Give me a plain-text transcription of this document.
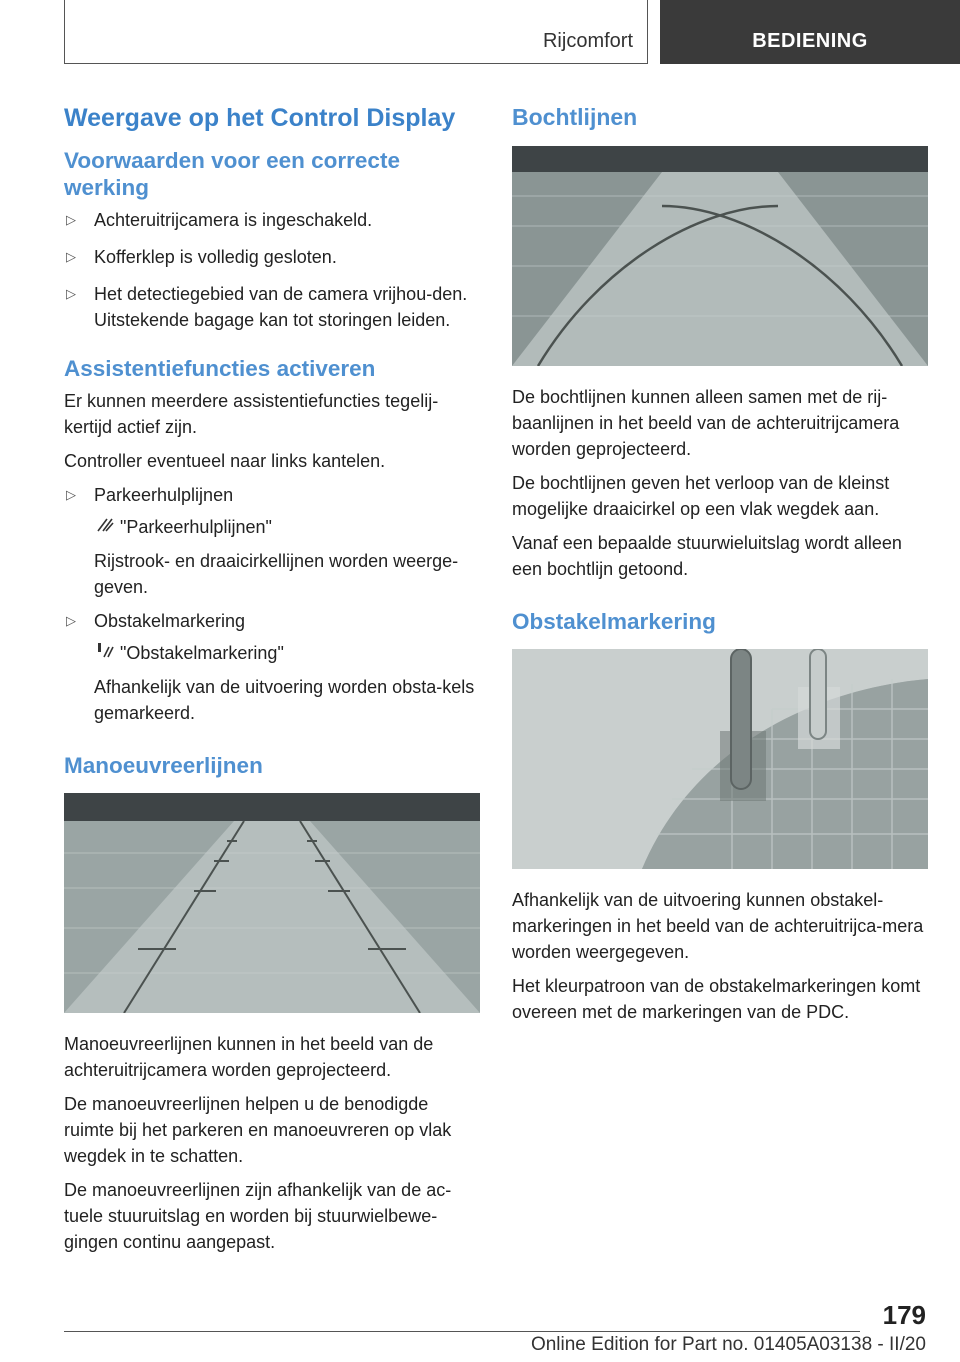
Rijcomfort	BEDIENING
Weergave op het Control Display
Voorwaarden voor een correcte werking
▷ Achteruitrijcamera is ingeschakeld.
▷ Kofferklep is volledig gesloten.
▷ Het detectiegebied van de camera vrijhou-den. Uitstekende bagage kan tot storingen leiden.
Assistentiefuncties activeren

Er kunnen meerdere assistentiefuncties tegelij-kertijd actief zijn.

Controller eventueel naar links kantelen.

▷ Parkeerhulplijnen
"Parkeerhulplijnen"

Rijstrook- en draaicirkellijnen worden weerge-geven.

▷ Obstakelmarkering
"Obstakelmarkering"

Afhankelijk van de uitvoering worden obsta-kels gemarkeerd.

Manoeuvreerlijnen

Manoeuvreerlijnen kunnen in het beeld van de achteruitrijcamera worden geprojecteerd.

De manoeuvreerlijnen helpen u de benodigde ruimte bij het parkeren en manoeuvreren op vlak wegdek in te schatten.

De manoeuvreerlijnen zijn afhankelijk van de ac-tuele stuuruitslag en worden bij stuurwielbewe-gingen continu aangepast.

Bochtlijnen

De bochtlijnen kunnen alleen samen met de rij-baanlijnen in het beeld van de achteruitrijcamera worden geprojecteerd.

De bochtlijnen geven het verloop van de kleinst mogelijke draaicirkel op een vlak wegdek aan.

Vanaf een bepaalde stuurwieluitslag wordt alleen een bochtlijn getoond.

Obstakelmarkering

Afhankelijk van de uitvoering kunnen obstakel-markeringen in het beeld van de achteruitrijca-mera worden weergegeven.

Het kleurpatroon van de obstakelmarkeringen komt overeen met de markeringen van de PDC.

179
Online Edition for Part no. 01405A03138 - II/20
